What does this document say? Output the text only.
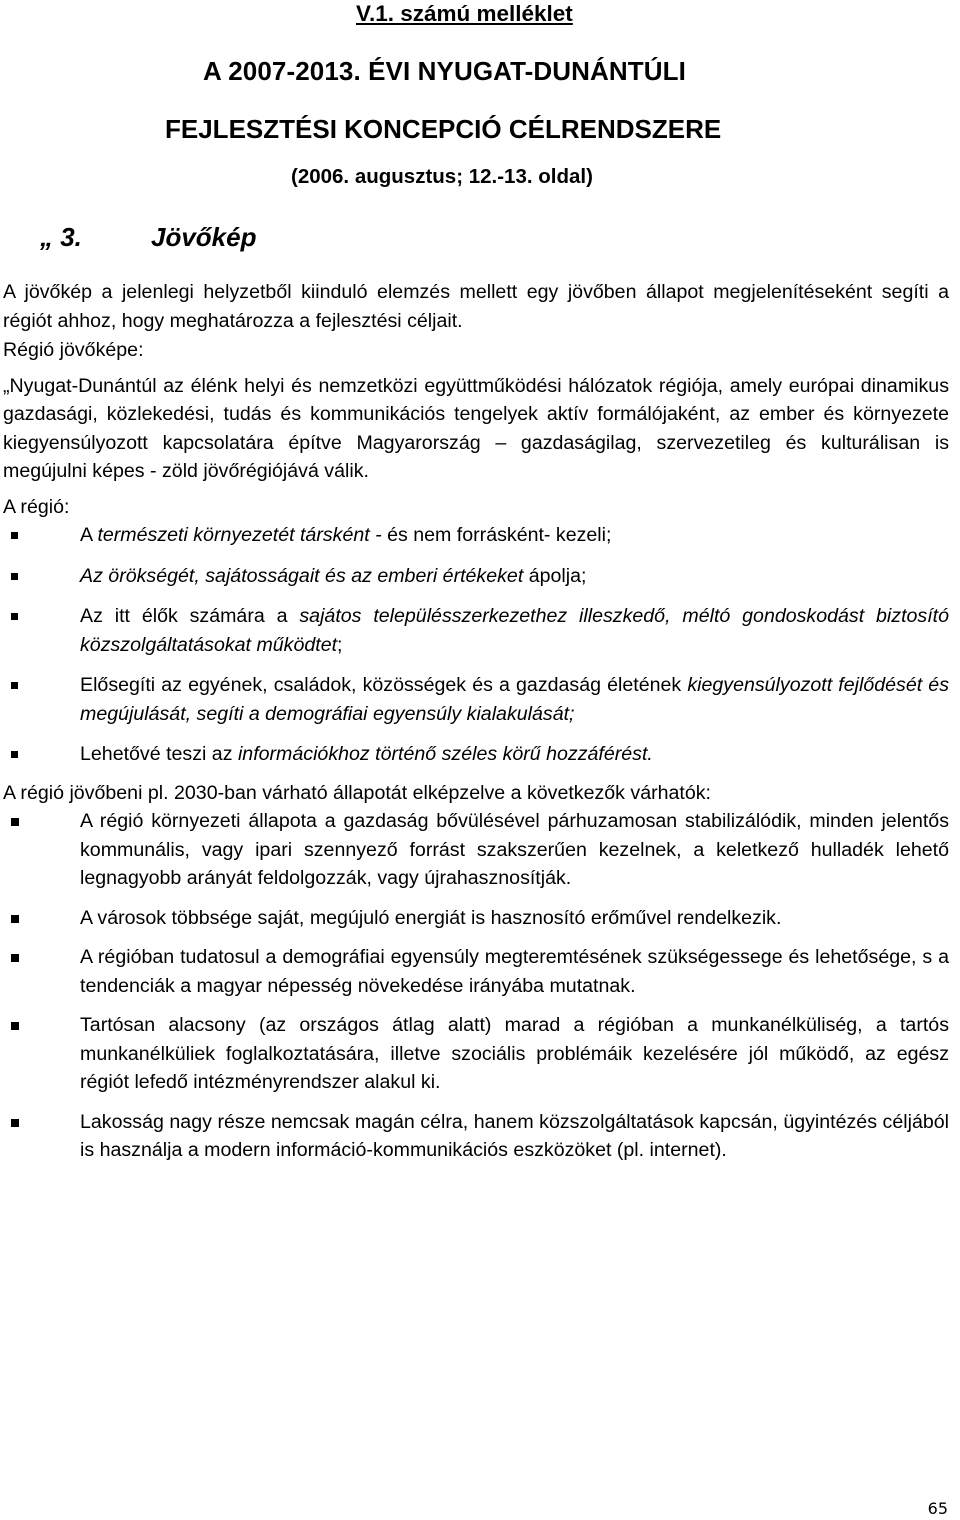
V.1. számú melléklet

A 2007-2013. ÉVI NYUGAT-DUNÁNTÚLI

FEJLESZTÉSI KONCEPCIÓ CÉLRENDSZERE

(2006. augusztus; 12.-13. oldal)

„ 3.	Jövőkép

A jövőkép a jelenlegi helyzetből kiinduló elemzés mellett egy jövőben állapot megjelenítéseként segíti a régiót ahhoz, hogy meghatározza a fejlesztési céljait.

Régió jövőképe:

„Nyugat-Dunántúl az élénk helyi és nemzetközi együttműködési hálózatok régiója, amely európai dinamikus gazdasági, közlekedési, tudás és kommunikációs tengelyek aktív formálójaként, az ember és környezete kiegyensúlyozott kapcsolatára építve Magyarország – gazdaságilag, szervezetileg és kulturálisan is megújulni képes - zöld jövőrégiójává válik.

A régió:

A természeti környezetét társként - és nem forrásként- kezeli;
Az örökségét, sajátosságait és az emberi értékeket ápolja;
Az itt élők számára a sajátos településszerkezethez illeszkedő, méltó gondoskodást biztosító közszolgáltatásokat működtet;
Elősegíti az egyének, családok, közösségek és a gazdaság életének kiegyensúlyozott fejlődését és megújulását, segíti a demográfiai egyensúly kialakulását;
Lehetővé teszi az információkhoz történő széles körű hozzáférést.

A régió jövőbeni pl. 2030-ban várható állapotát elképzelve a következők várhatók:

A régió környezeti állapota a gazdaság bővülésével párhuzamosan stabilizálódik, minden jelentős kommunális, vagy ipari szennyező forrást szakszerűen kezelnek, a keletkező hulladék lehető legnagyobb arányát feldolgozzák, vagy újrahasznosítják.
A városok többsége saját, megújuló energiát is hasznosító erőművel rendelkezik.
A régióban tudatosul a demográfiai egyensúly megteremtésének szükségessege és lehetősége, s a tendenciák a magyar népesség növekedése irányába mutatnak.
Tartósan alacsony (az országos átlag alatt) marad a régióban a munkanélküliség, a tartós munkanélküliek foglalkoztatására, illetve szociális problémáik kezelésére jól működő, az egész régiót lefedő intézményrendszer alakul ki.
Lakosság nagy része nemcsak magán célra, hanem közszolgáltatások kapcsán, ügyintézés céljából is használja a modern információ-kommunikációs eszközöket (pl. internet).

65
